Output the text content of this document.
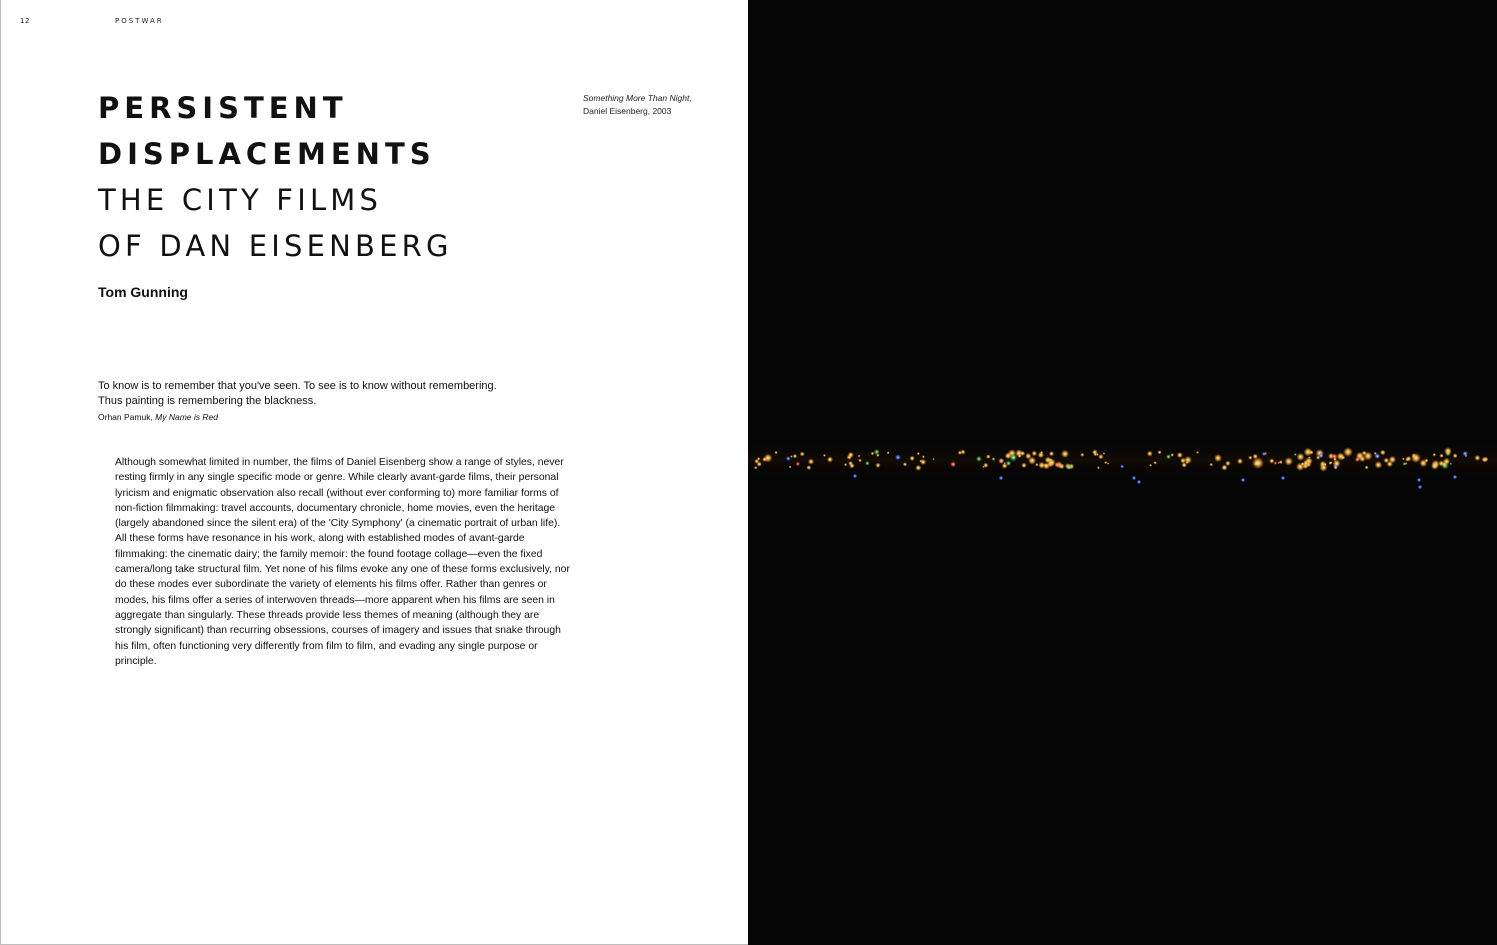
12	POSTWAR
PERSISTENT
DISPLACEMENTS
THE CITY FILMS
OF DAN EISENBERG
Tom Gunning
Something More Than Night, Daniel Eisenberg, 2003
To know is to remember that you've seen. To see is to know without remembering. Thus painting is remembering the blackness.
Orhan Pamuk, My Name is Red

Although somewhat limited in number, the films of Daniel Eisenberg show a range of styles, never resting firmly in any single specific mode or genre. While clearly avant-garde films, their personal lyricism and enigmatic observation also recall (without ever conforming to) more familiar forms of non-fiction filmmaking: travel accounts, documentary chronicle, home movies, even the heritage (largely abandoned since the silent era) of the 'City Symphony' (a cinematic portrait of urban life). All these forms have resonance in his work, along with established modes of avant-garde filmmaking: the cinematic dairy; the family memoir: the found footage collage—even the fixed camera/long take structural film. Yet none of his films evoke any one of these forms exclusively, nor do these modes ever subordinate the variety of elements his films offer. Rather than genres or modes, his films offer a series of interwoven threads—more apparent when his films are seen in aggregate than singularly. These threads provide less themes of meaning (although they are strongly significant) than recurring obsessions, courses of imagery and issues that snake through his film, often functioning very differently from film to film, and evading any single purpose or principle.
